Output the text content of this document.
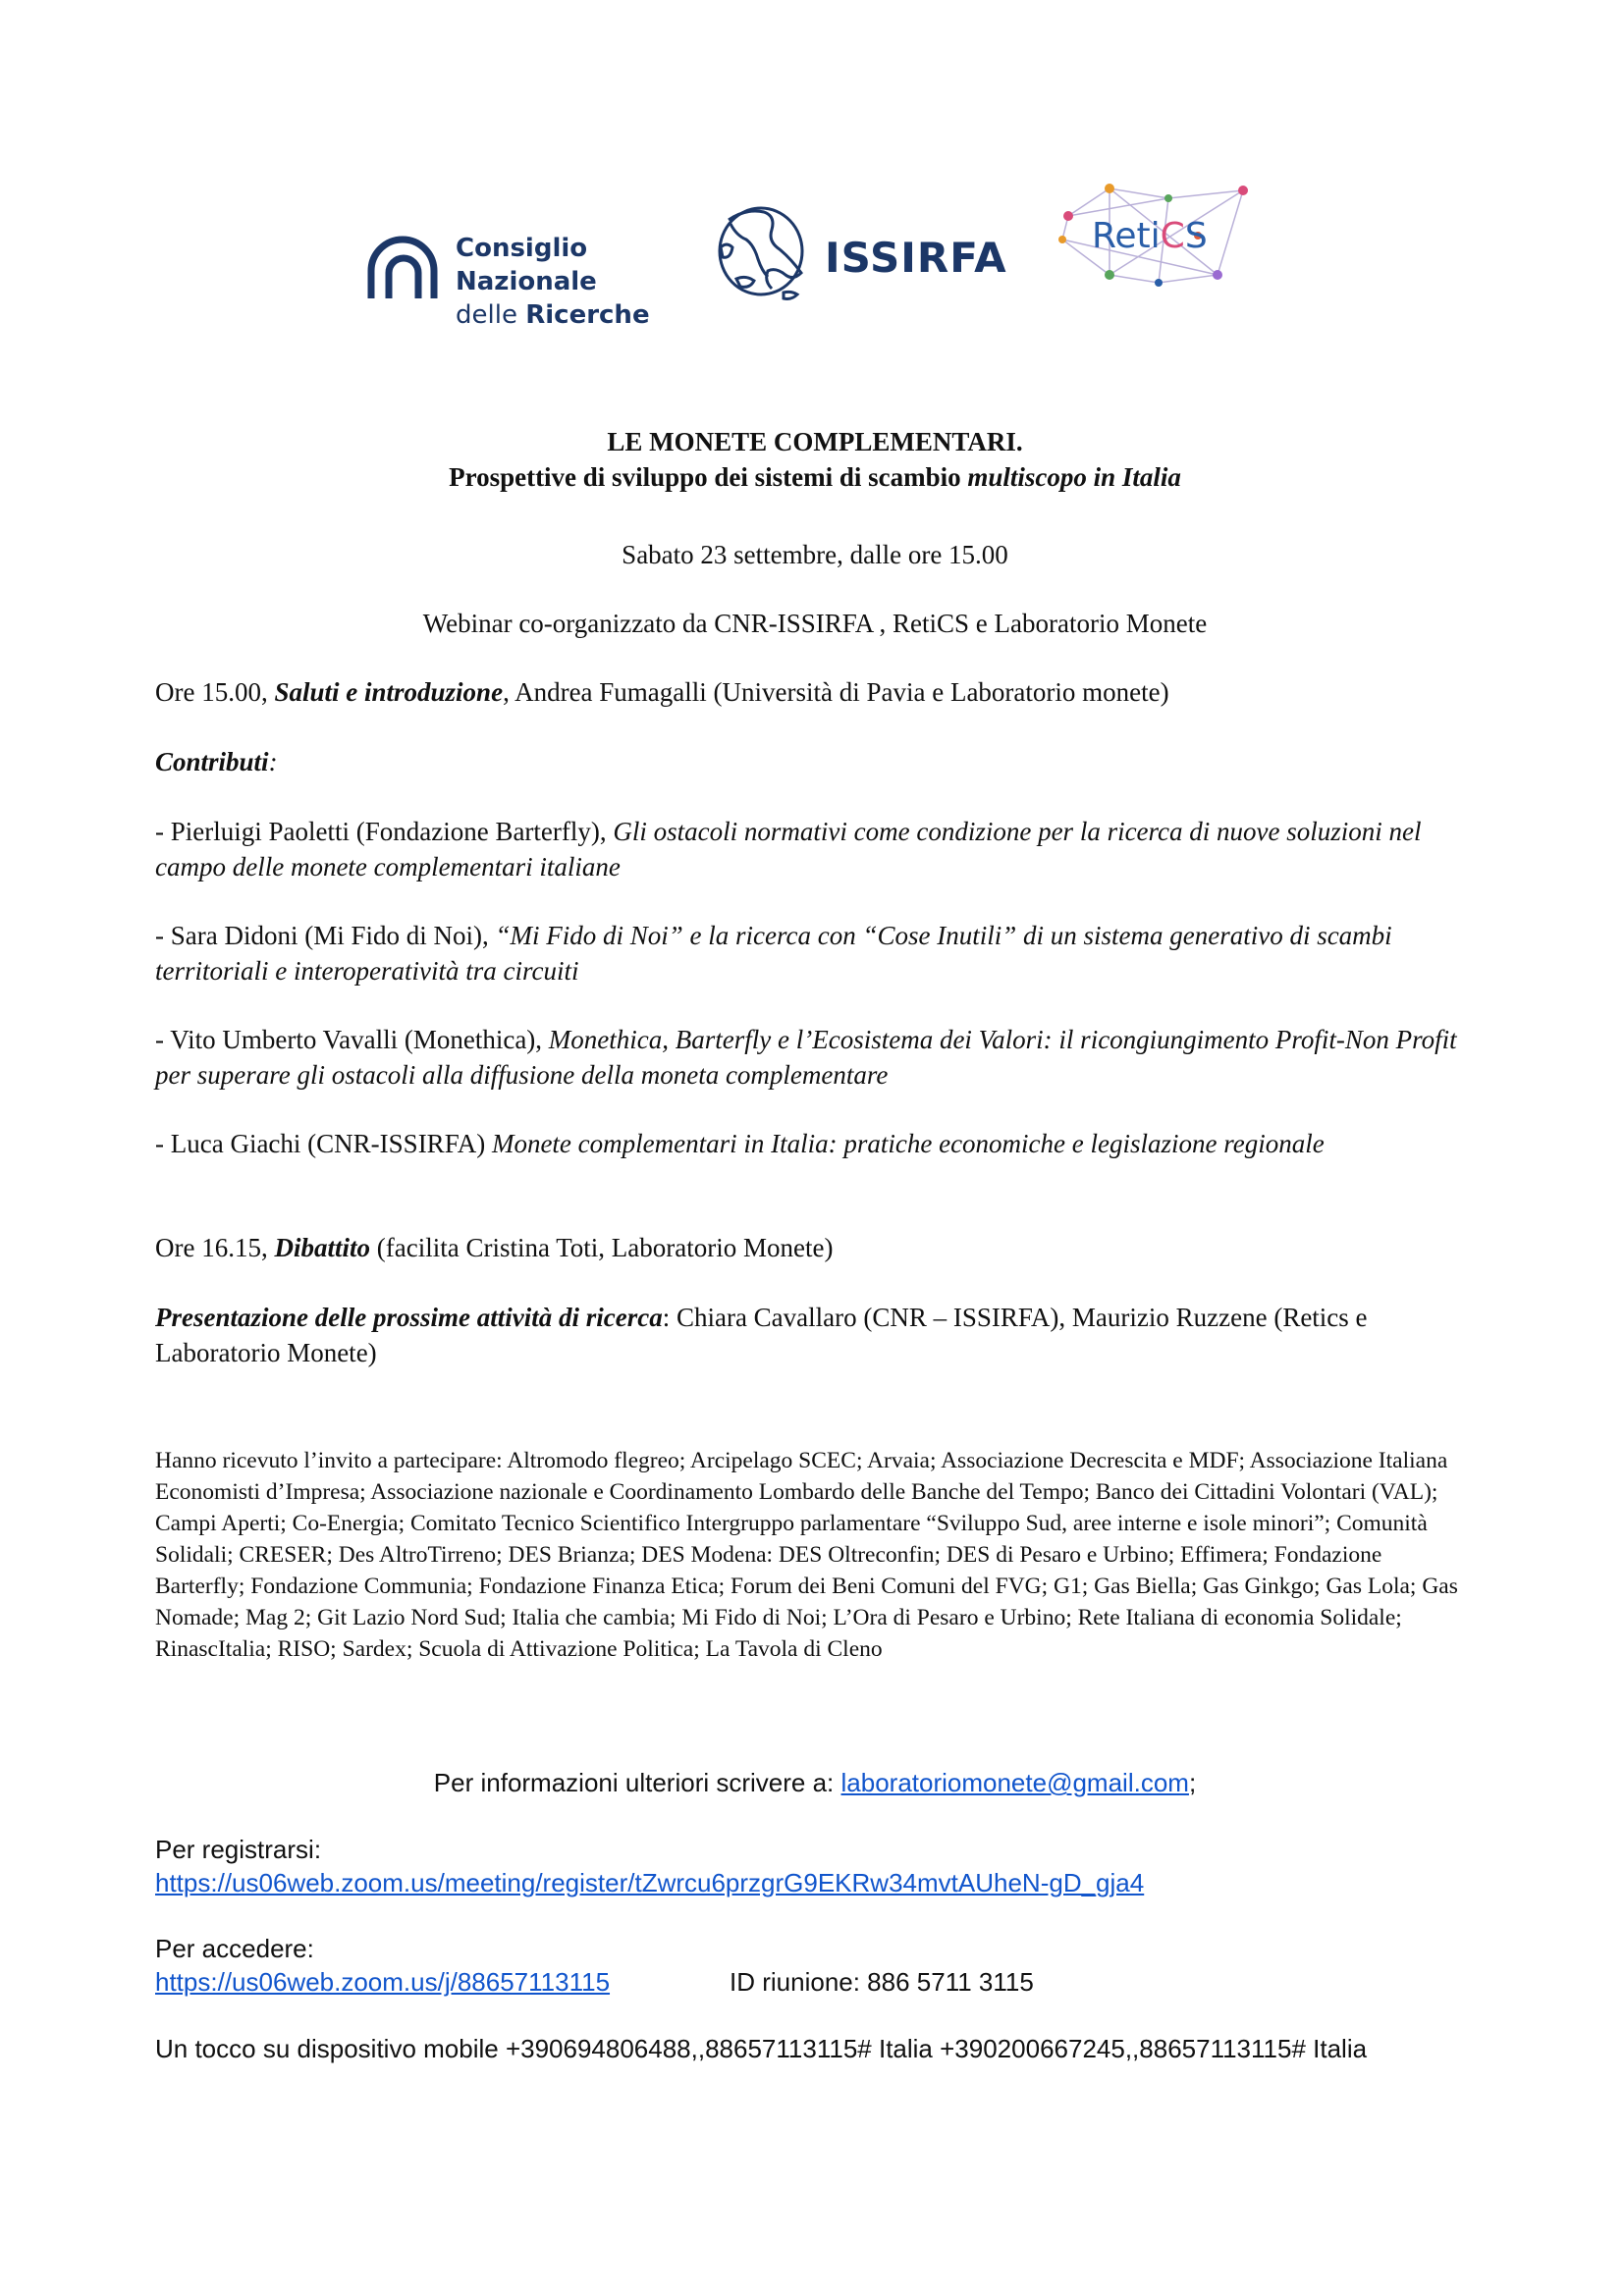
Consiglio Nazionale
delle Ricerche
ISSIRFA RetiCS
LE MONETE COMPLEMENTARI.
Prospettive di sviluppo dei sistemi di scambio multiscopo in Italia
Sabato 23 settembre, dalle ore 15.00
Webinar co-organizzato da CNR-ISSIRFA , RetiCS e Laboratorio Monete
Ore 15.00, Saluti e introduzione, Andrea Fumagalli (Università di Pavia e Laboratorio monete)
Contributi:
- Pierluigi Paoletti (Fondazione Barterfly), Gli ostacoli normativi come condizione per la ricerca di nuove soluzioni nel campo delle monete complementari italiane
- Sara Didoni (Mi Fido di Noi), “Mi Fido di Noi” e la ricerca con “Cose Inutili” di un sistema generativo di scambi territoriali e interoperatività tra circuiti
- Vito Umberto Vavalli (Monethica), Monethica, Barterfly e l’Ecosistema dei Valori: il ricongiungimento Profit-Non Profit per superare gli ostacoli alla diffusione della moneta complementare
- Luca Giachi (CNR-ISSIRFA) Monete complementari in Italia: pratiche economiche e legislazione regionale
Ore 16.15, Dibattito (facilita Cristina Toti, Laboratorio Monete)
Presentazione delle prossime attività di ricerca: Chiara Cavallaro (CNR – ISSIRFA), Maurizio Ruzzene (Retics e Laboratorio Monete)
Hanno ricevuto l’invito a partecipare: Altromodo flegreo; Arcipelago SCEC; Arvaia; Associazione Decrescita e MDF; Associazione Italiana Economisti d’Impresa; Associazione nazionale e Coordinamento Lombardo delle Banche del Tempo; Banco dei Cittadini Volontari (VAL); Campi Aperti; Co-Energia; Comitato Tecnico Scientifico Intergruppo parlamentare “Sviluppo Sud, aree interne e isole minori”; Comunità Solidali; CRESER; Des AltroTirreno; DES Brianza; DES Modena: DES Oltreconfin; DES di Pesaro e Urbino; Effimera; Fondazione Barterfly; Fondazione Communia; Fondazione Finanza Etica; Forum dei Beni Comuni del FVG; G1; Gas Biella; Gas Ginkgo; Gas Lola; Gas Nomade; Mag 2; Git Lazio Nord Sud; Italia che cambia; Mi Fido di Noi; L’Ora di Pesaro e Urbino; Rete Italiana di economia Solidale; RinascItalia; RISO; Sardex; Scuola di Attivazione Politica; La Tavola di Cleno
Per informazioni ulteriori scrivere a: laboratoriomonete@gmail.com;
Per registrarsi:
https://us06web.zoom.us/meeting/register/tZwrcu6przgrG9EKRw34mvtAUheN-gD_gja4
Per accedere:
https://us06web.zoom.us/j/88657113115	ID riunione: 886 5711 3115
Un tocco su dispositivo mobile +390694806488,,88657113115# Italia +390200667245,,88657113115# Italia
